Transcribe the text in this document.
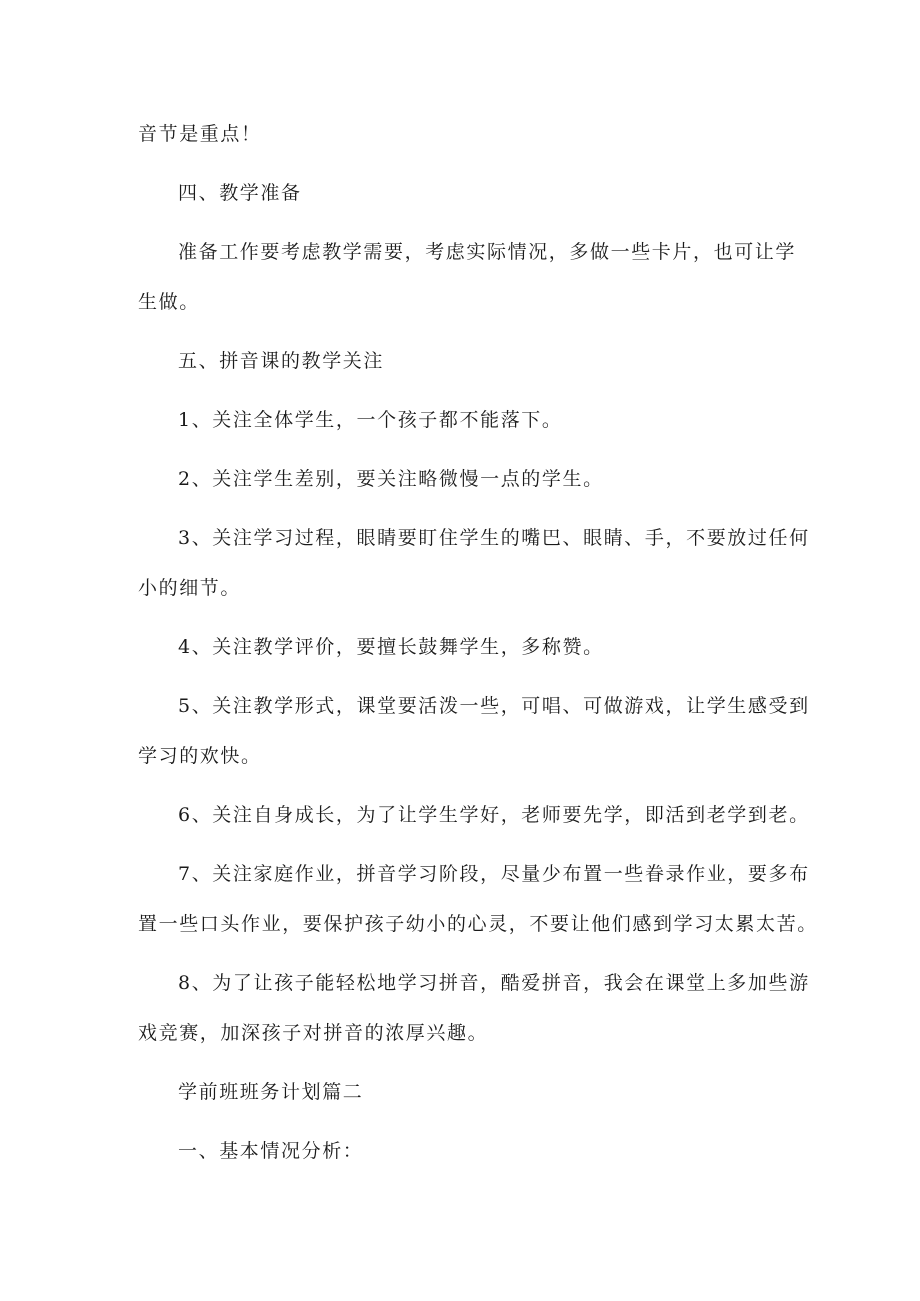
音节是重点！

四、教学准备

准备工作要考虑教学需要，考虑实际情况，多做一些卡片，也可让学

生做。

五、拼音课的教学关注

1、关注全体学生，一个孩子都不能落下。

2、关注学生差别，要关注略微慢一点的学生。

3、关注学习过程，眼睛要盯住学生的嘴巴、眼睛、手，不要放过任何

小的细节。

4、关注教学评价，要擅长鼓舞学生，多称赞。

5、关注教学形式，课堂要活泼一些，可唱、可做游戏，让学生感受到

学习的欢快。

6、关注自身成长，为了让学生学好，老师要先学，即活到老学到老。

7、关注家庭作业，拼音学习阶段，尽量少布置一些眷录作业，要多布

置一些口头作业，要保护孩子幼小的心灵，不要让他们感到学习太累太苦。

8、为了让孩子能轻松地学习拼音，酷爱拼音，我会在课堂上多加些游

戏竞赛，加深孩子对拼音的浓厚兴趣。

学前班班务计划篇二

一、基本情况分析：
